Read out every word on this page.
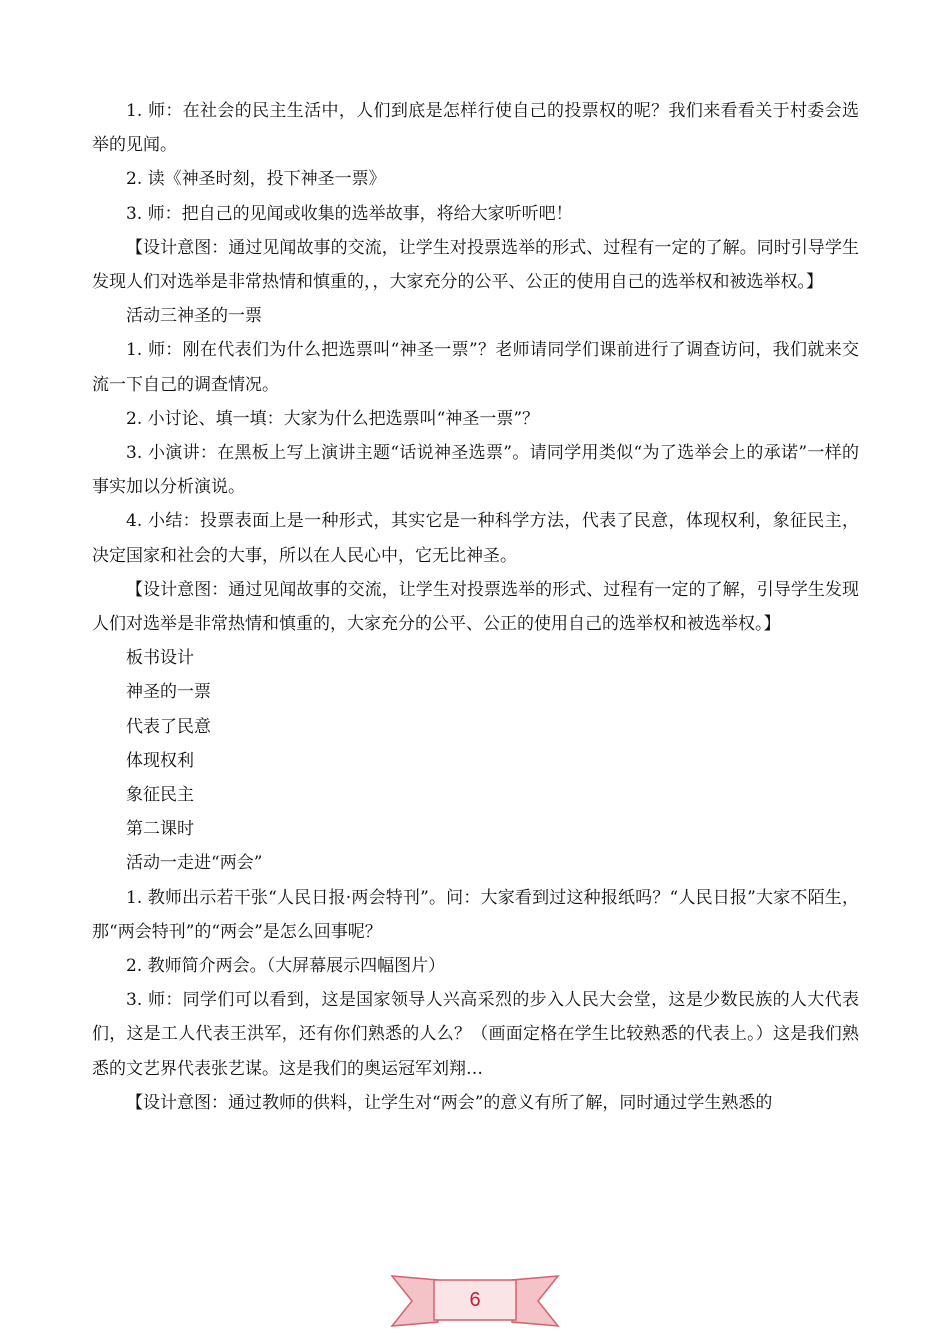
1. 师：在社会的民主生活中，人们到底是怎样行使自己的投票权的呢？我们来看看关于村委会选举的见闻。

2. 读《神圣时刻，投下神圣一票》

3. 师：把自己的见闻或收集的选举故事，将给大家听听吧！

【设计意图：通过见闻故事的交流，让学生对投票选举的形式、过程有一定的了解。同时引导学生发现人们对选举是非常热情和慎重的，，大家充分的公平、公正的使用自己的选举权和被选举权。】

活动三神圣的一票

1. 师：刚在代表们为什么把选票叫“神圣一票”？老师请同学们课前进行了调查访问，我们就来交流一下自己的调查情况。

2. 小讨论、填一填：大家为什么把选票叫“神圣一票”？

3. 小演讲：在黑板上写上演讲主题“话说神圣选票”。请同学用类似“为了选举会上的承诺”一样的事实加以分析演说。

4. 小结：投票表面上是一种形式，其实它是一种科学方法，代表了民意，体现权利，象征民主，决定国家和社会的大事，所以在人民心中，它无比神圣。

【设计意图：通过见闻故事的交流，让学生对投票选举的形式、过程有一定的了解，引导学生发现人们对选举是非常热情和慎重的，大家充分的公平、公正的使用自己的选举权和被选举权。】

板书设计

神圣的一票

代表了民意

体现权利

象征民主

第二课时

活动一走进“两会”

1. 教师出示若干张“人民日报·两会特刊”。问：大家看到过这种报纸吗？“人民日报”大家不陌生，那“两会特刊”的“两会”是怎么回事呢？

2. 教师简介两会。（大屏幕展示四幅图片）

3. 师：同学们可以看到，这是国家领导人兴高采烈的步入人民大会堂，这是少数民族的人大代表们，这是工人代表王洪军，还有你们熟悉的人么？（画面定格在学生比较熟悉的代表上。）这是我们熟悉的文艺界代表张艺谋。这是我们的奥运冠军刘翔…

【设计意图：通过教师的供料，让学生对“两会”的意义有所了解，同时通过学生熟悉的

6
